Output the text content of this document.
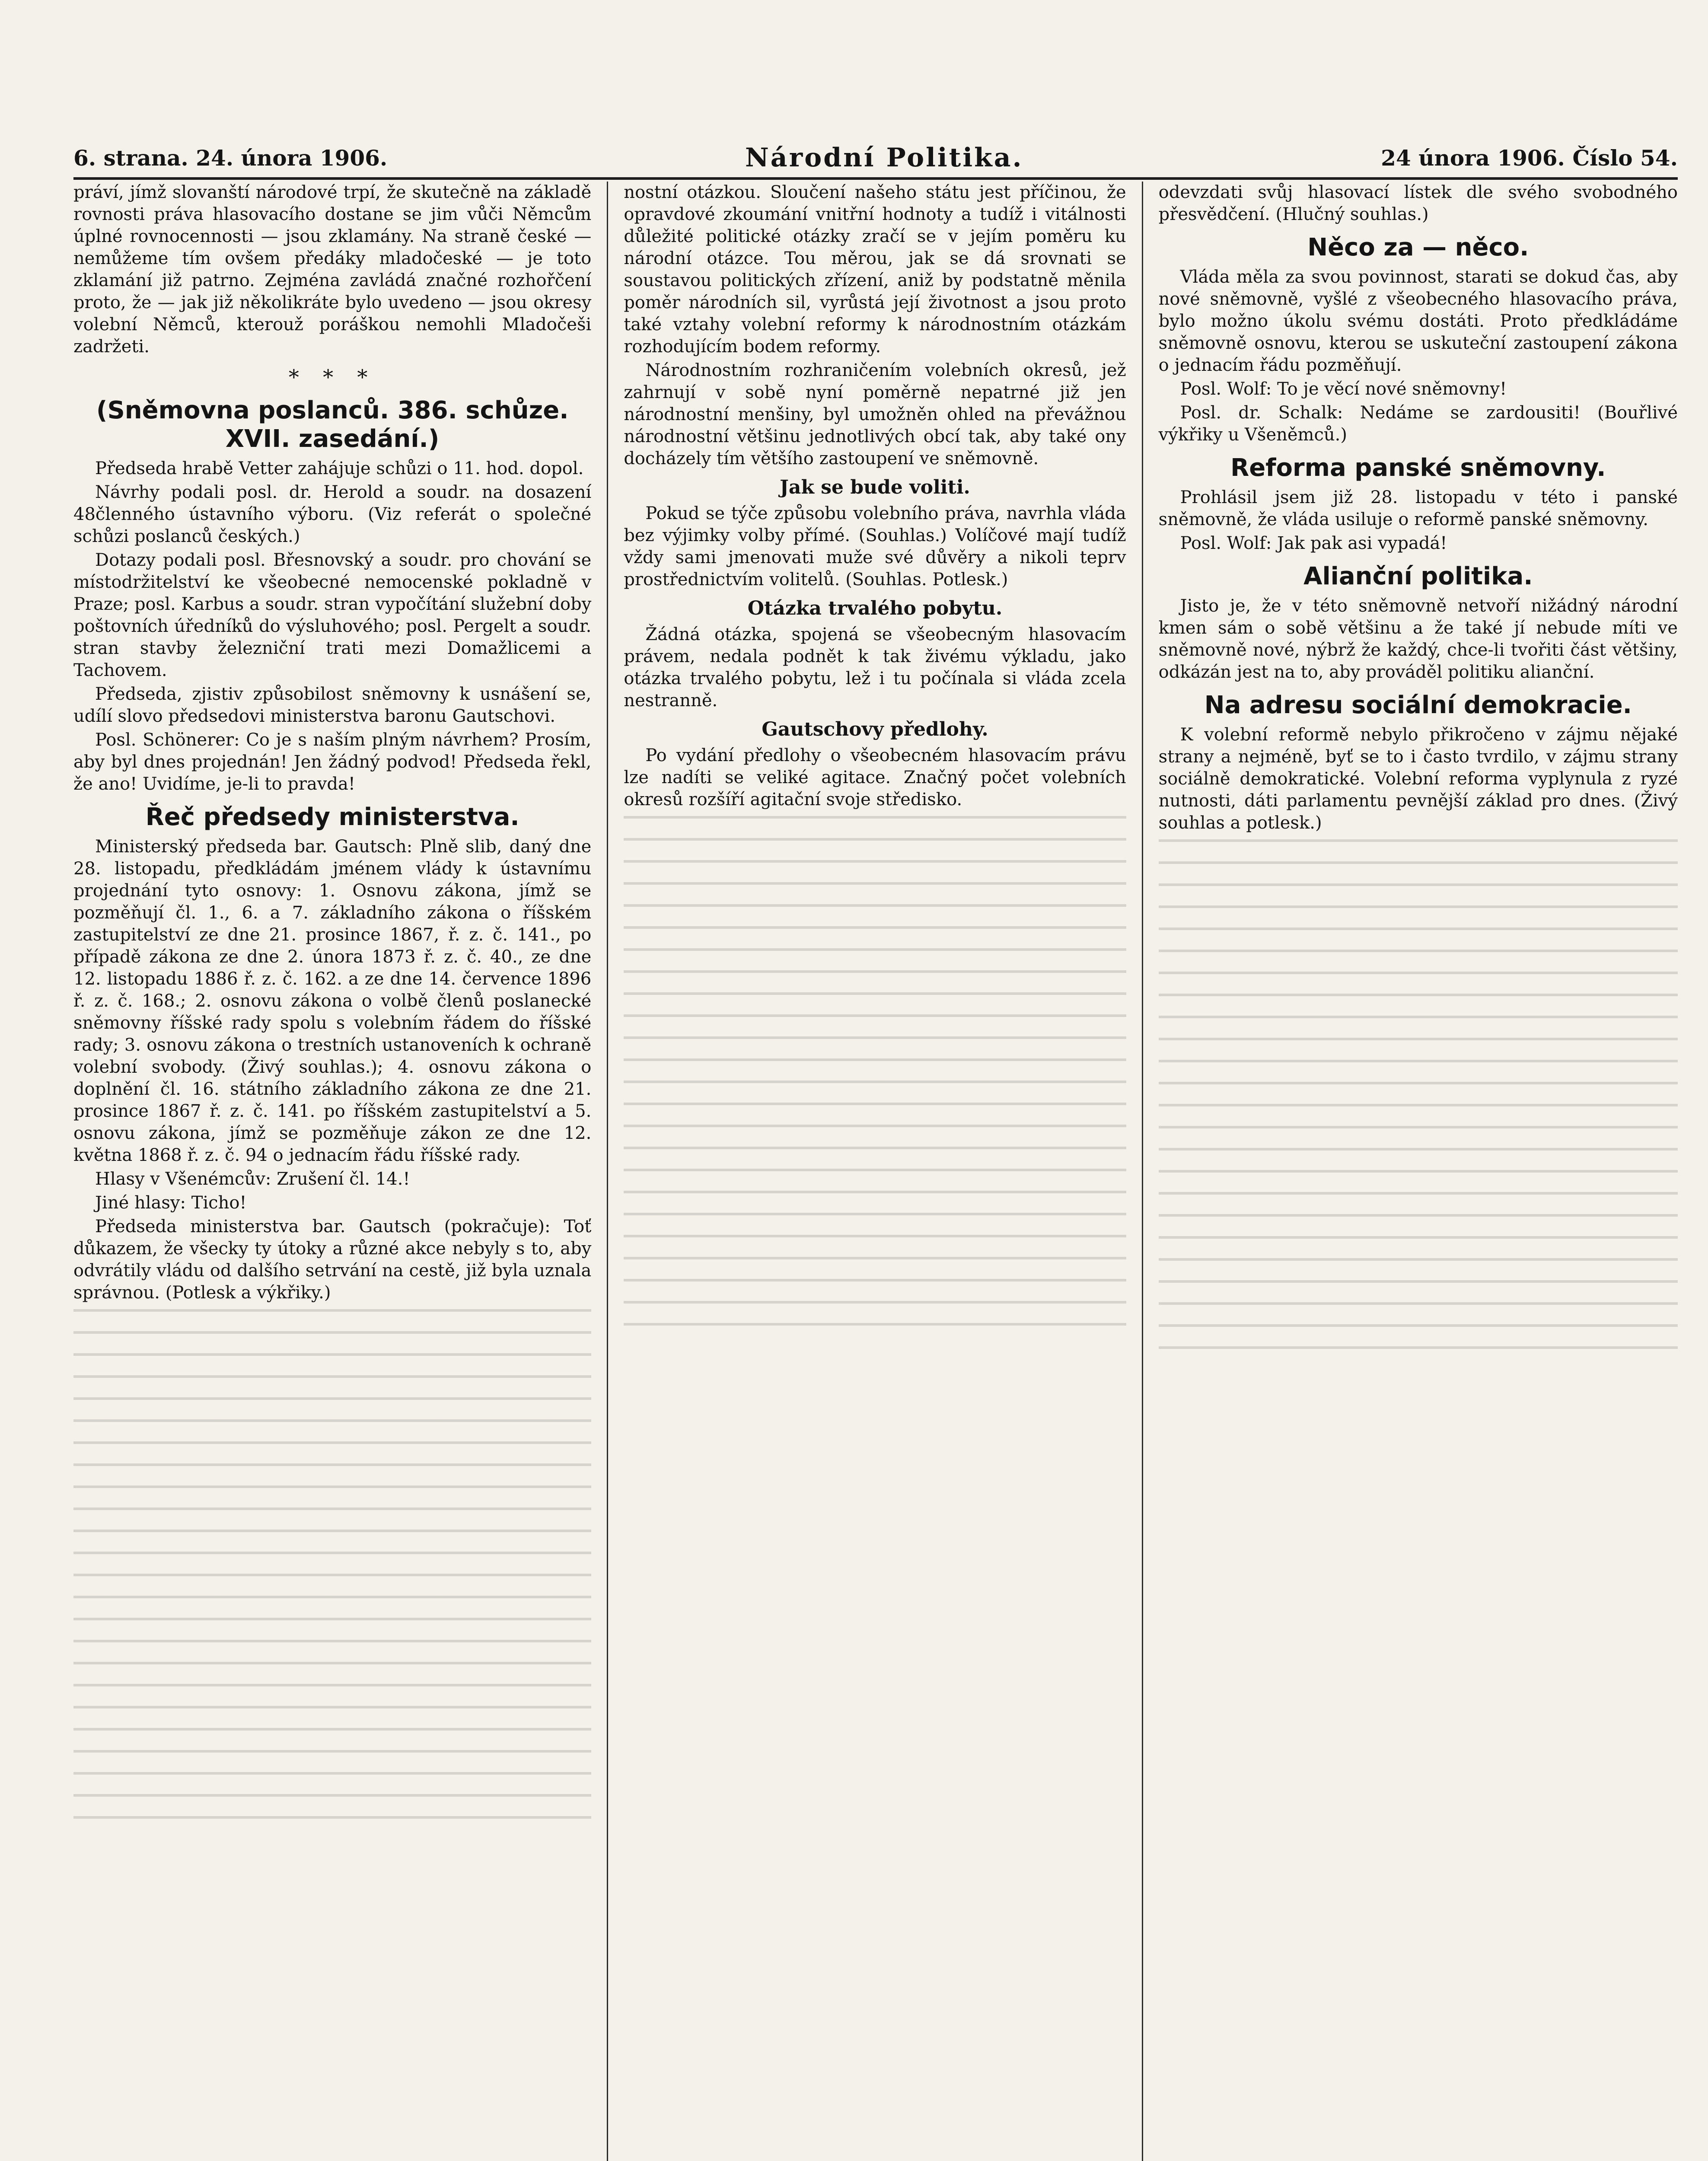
6. strana. 24. února 1906.	Národní Politika.	24 února 1906. Číslo 54.

práví, jímž slovanští národové trpí, že skutečně na základě rovnosti práva hlasovacího dostane se jim vůči Němcům úplné rovnocennosti — jsou zklamány. Na straně české — nemůžeme tím ovšem předáky mladočeské — je toto zklamání již patrno. Zejména zavládá značné rozhořčení proto, že — jak již několikráte bylo uvedeno — jsou okresy volební Němců, kterouž poráškou nemohli Mladočeši zadržeti.

* * *
(Sněmovna poslanců. 386. schůze. XVII. zasedání.)

Předseda hrabě Vetter zahájuje schůzi o 11. hod. dopol.

Návrhy podali posl. dr. Herold a soudr. na dosazení 48členného ústavního výboru. (Viz referát o společné schůzi poslanců českých.)

Dotazy podali posl. Břesnovský a soudr. pro chování se místodržitelství ke všeobecné nemocenské pokladně v Praze; posl. Karbus a soudr. stran vypočítání služební doby poštovních úředníků do výsluhového; posl. Pergelt a soudr. stran stavby železniční trati mezi Domažlicemi a Tachovem.

Předseda, zjistiv způsobilost sněmovny k usnášení se, udílí slovo předsedovi ministerstva baronu Gautschovi.

Posl. Schönerer: Co je s naším plným návrhem? Prosím, aby byl dnes projednán! Jen žádný podvod! Předseda řekl, že ano! Uvidíme, je-li to pravda!

Řeč předsedy ministerstva.

Ministerský předseda bar. Gautsch: Plně slib, daný dne 28. listopadu, předkládám jménem vlády k ústavnímu projednání tyto osnovy: 1. Osnovu zákona, jímž se pozměňují čl. 1., 6. a 7. základního zákona o říšském zastupitelství ze dne 21. prosince 1867, ř. z. č. 141., po případě zákona ze dne 2. února 1873 ř. z. č. 40., ze dne 12. listopadu 1886 ř. z. č. 162. a ze dne 14. července 1896 ř. z. č. 168.; 2. osnovu zákona o volbě členů poslanecké sněmovny říšské rady spolu s volebním řádem do říšské rady; 3. osnovu zákona o trestních ustanoveních k ochraně volební svobody. (Živý souhlas.); 4. osnovu zákona o doplnění čl. 16. státního základního zákona ze dne 21. prosince 1867 ř. z. č. 141. po říšském zastupitelství a 5. osnovu zákona, jímž se pozměňuje zákon ze dne 12. května 1868 ř. z. č. 94 o jednacím řádu říšské rady.

Hlasy v Všenémcův: Zrušení čl. 14.!

Jiné hlasy: Ticho!

Předseda ministerstva bar. Gautsch (pokračuje): Toť důkazem, že všecky ty útoky a různé akce nebyly s to, aby odvrátily vládu od dalšího setrvání na cestě, již byla uznala správnou. (Potlesk a výkřiky.)

nostní otázkou. Sloučení našeho státu jest příčinou, že opravdové zkoumání vnitřní hodnoty a tudíž i vitálnosti důležité politické otázky zračí se v jejím poměru ku národní otázce. Tou měrou, jak se dá srovnati se soustavou politických zřízení, aniž by podstatně měnila poměr národních sil, vyrůstá její životnost a jsou proto také vztahy volební reformy k národnostním otázkám rozhodujícím bodem reformy.

Národnostním rozhraničením volebních okresů, jež zahrnují v sobě nyní poměrně nepatrné již jen národnostní menšiny, byl umožněn ohled na převážnou národnostní většinu jednotlivých obcí tak, aby také ony docházely tím většího zastoupení ve sněmovně.

Jak se bude voliti.

Pokud se týče způsobu volebního práva, navrhla vláda bez výjimky volby přímé. (Souhlas.) Volíčové mají tudíž vždy sami jmenovati muže své důvěry a nikoli teprv prostřednictvím volitelů. (Souhlas. Potlesk.)

Otázka trvalého pobytu.

Žádná otázka, spojená se všeobecným hlasovacím právem, nedala podnět k tak živému výkladu, jako otázka trvalého pobytu, lež i tu počínala si vláda zcela nestranně.

Gautschovy předlohy.

Po vydání předlohy o všeobecném hlasovacím právu lze nadíti se veliké agitace. Značný počet volebních okresů rozšíří agitační svoje středisko.

odevzdati svůj hlasovací lístek dle svého svobodného přesvědčení. (Hlučný souhlas.)

Něco za — něco.

Vláda měla za svou povinnost, starati se dokud čas, aby nové sněmovně, vyšlé z všeobecného hlasovacího práva, bylo možno úkolu svému dostáti. Proto předkládáme sněmovně osnovu, kterou se uskuteční zastoupení zákona o jednacím řádu pozměňují.

Posl. Wolf: To je věcí nové sněmovny!

Posl. dr. Schalk: Nedáme se zardousiti! (Bouřlivé výkřiky u Všeněmců.)

Reforma panské sněmovny.

Prohlásil jsem již 28. listopadu v této i panské sněmovně, že vláda usiluje o reformě panské sněmovny.

Posl. Wolf: Jak pak asi vypadá!

Alianční politika.

Jisto je, že v této sněmovně netvoří nižádný národní kmen sám o sobě většinu a že také jí nebude míti ve sněmovně nové, nýbrž že každý, chce-li tvořiti část většiny, odkázán jest na to, aby prováděl politiku alianční.

Na adresu sociální demokracie.

K volební reformě nebylo přikročeno v zájmu nějaké strany a nejméně, byť se to i často tvrdilo, v zájmu strany sociálně demokratické. Volební reforma vyplynula z ryzé nutnosti, dáti parlamentu pevnější základ pro dnes. (Živý souhlas a potlesk.)
